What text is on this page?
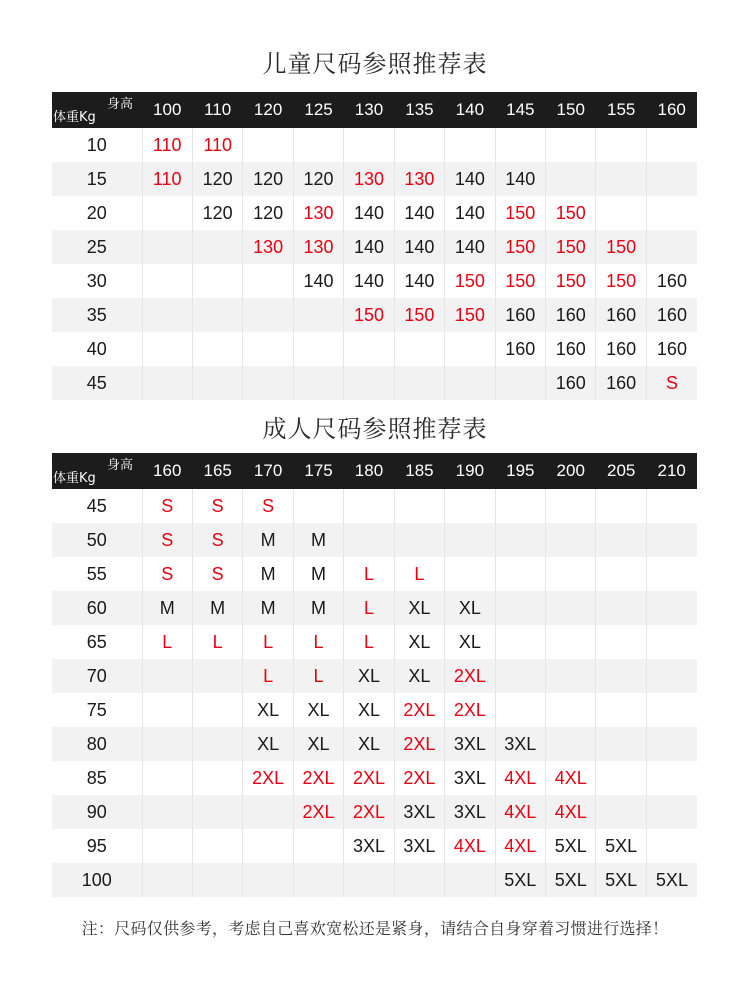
儿童尺码参照推荐表
身高
体重Kg	100	110	120	125	130	135	140	145	150	155	160
10	110	110									
15	110	120	120	120	130	130	140	140			
20		120	120	130	140	140	140	150	150		
25			130	130	140	140	140	150	150	150	
30				140	140	140	150	150	150	150	160
35					150	150	150	160	160	160	160
40								160	160	160	160
45									160	160	S
成人尺码参照推荐表
身高
体重Kg	160	165	170	175	180	185	190	195	200	205	210
45	S	S	S								
50	S	S	M	M							
55	S	S	M	M	L	L					
60	M	M	M	M	L	XL	XL				
65	L	L	L	L	L	XL	XL				
70			L	L	XL	XL	2XL				
75			XL	XL	XL	2XL	2XL				
80			XL	XL	XL	2XL	3XL	3XL			
85			2XL	2XL	2XL	2XL	3XL	4XL	4XL		
90				2XL	2XL	3XL	3XL	4XL	4XL		
95					3XL	3XL	4XL	4XL	5XL	5XL	
100								5XL	5XL	5XL	5XL
注：尺码仅供参考，考虑自己喜欢宽松还是紧身，请结合自身穿着习惯进行选择！
